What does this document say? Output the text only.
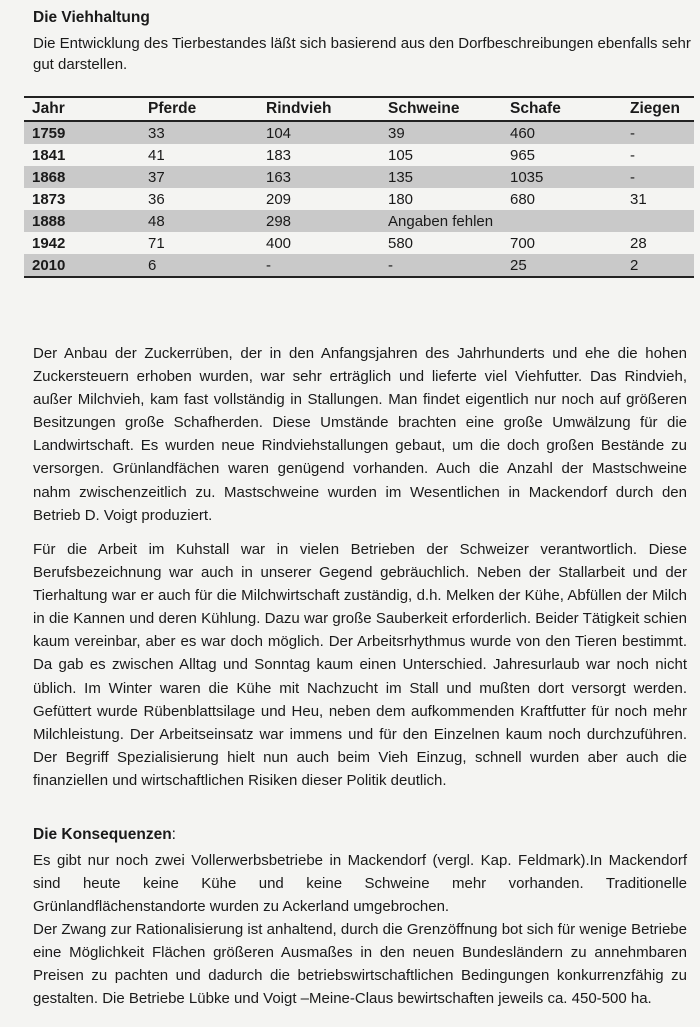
Die Viehhaltung

Die Entwicklung des Tierbestandes läßt sich basierend aus den Dorfbeschreibungen ebenfalls sehr gut darstellen.

Jahr	Pferde	Rindvieh	Schweine	Schafe	Ziegen
1759	33	104	39	460	-
1841	41	183	105	965	-
1868	37	163	135	1035	-
1873	36	209	180	680	31
1888	48	298	Angaben fehlen		
1942	71	400	580	700	28
2010	6	-	-	25	2

Der Anbau der Zuckerrüben, der in den Anfangsjahren des Jahrhunderts und ehe die hohen Zuckersteuern erhoben wurden, war sehr erträglich und lieferte viel Viehfutter. Das Rindvieh, außer Milchvieh, kam fast vollständig in Stallungen. Man findet eigentlich nur noch auf größeren Besitzungen große Schafherden. Diese Umstände brachten eine große Umwälzung für die Landwirtschaft. Es wurden neue Rindviehstallungen gebaut, um die doch großen Bestände zu versorgen. Grünlandfächen waren genügend vorhanden. Auch die Anzahl der Mastschweine nahm zwischenzeitlich zu. Mastschweine wurden im Wesentlichen in Mackendorf durch den Betrieb D. Voigt produziert.

Für die Arbeit im Kuhstall war in vielen Betrieben der Schweizer verantwortlich. Diese Berufsbezeichnung war auch in unserer Gegend gebräuchlich. Neben der Stallarbeit und der Tierhaltung war er auch für die Milchwirtschaft zuständig, d.h. Melken der Kühe, Abfüllen der Milch in die Kannen und deren Kühlung. Dazu war große Sauberkeit erforderlich. Beider Tätigkeit schien kaum vereinbar, aber es war doch möglich. Der Arbeitsrhythmus wurde von den Tieren bestimmt. Da gab es zwischen Alltag und Sonntag kaum einen Unterschied. Jahresurlaub war noch nicht üblich. Im Winter waren die Kühe mit Nachzucht im Stall und mußten dort versorgt werden. Gefüttert wurde Rübenblattsilage und Heu, neben dem aufkommenden Kraftfutter für noch mehr Milchleistung. Der Arbeitseinsatz war immens und für den Einzelnen kaum noch durchzuführen. Der Begriff Spezialisierung hielt nun auch beim Vieh Einzug, schnell wurden aber auch die finanziellen und wirtschaftlichen Risiken dieser Politik deutlich.

Die Konsequenzen:

Es gibt nur noch zwei Vollerwerbsbetriebe in Mackendorf (vergl. Kap. Feldmark).In Mackendorf sind heute keine Kühe und keine Schweine mehr vorhanden. Traditionelle Grünlandflächenstandorte wurden zu Ackerland umgebrochen.

Der Zwang zur Rationalisierung ist anhaltend, durch die Grenzöffnung bot sich für wenige Betriebe eine Möglichkeit Flächen größeren Ausmaßes in den neuen Bundesländern zu annehmbaren Preisen zu pachten und dadurch die betriebswirtschaftlichen Bedingungen konkurrenzfähig zu gestalten. Die Betriebe Lübke und Voigt –Meine-Claus bewirtschaften jeweils ca. 450-500 ha.
